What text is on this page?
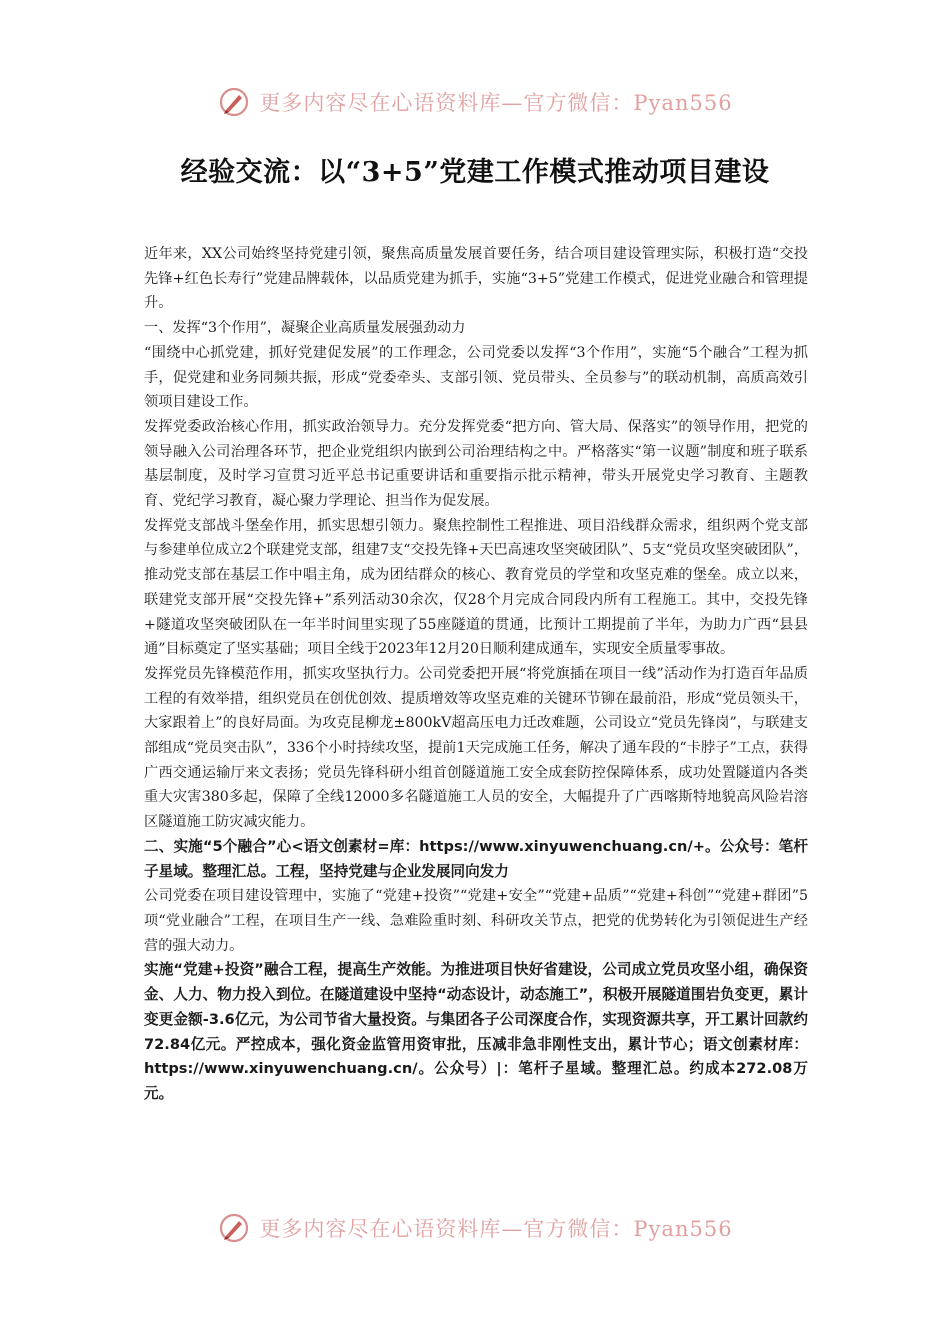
更多内容尽在心语资料库—官方微信：Pyan556
经验交流：以“3+5”党建工作模式推动项目建设

近年来，XX公司始终坚持党建引领，聚焦高质量发展首要任务，结合项目建设管理实际，积极打造“交投先锋+红色长寿行”党建品牌载体，以品质党建为抓手，实施“3+5”党建工作模式，促进党业融合和管理提升。

一、发挥“3个作用”，凝聚企业高质量发展强劲动力

“围绕中心抓党建，抓好党建促发展”的工作理念，公司党委以发挥“3个作用”，实施“5个融合”工程为抓手，促党建和业务同频共振，形成“党委牵头、支部引领、党员带头、全员参与”的联动机制，高质高效引领项目建设工作。

发挥党委政治核心作用，抓实政治领导力。充分发挥党委“把方向、管大局、保落实”的领导作用，把党的领导融入公司治理各环节，把企业党组织内嵌到公司治理结构之中。严格落实“第一议题”制度和班子联系基层制度，及时学习宣贯习近平总书记重要讲话和重要指示批示精神，带头开展党史学习教育、主题教育、党纪学习教育，凝心聚力学理论、担当作为促发展。

发挥党支部战斗堡垒作用，抓实思想引领力。聚焦控制性工程推进、项目沿线群众需求，组织两个党支部与参建单位成立2个联建党支部，组建7支“交投先锋+天巴高速攻坚突破团队”、5支“党员攻坚突破团队”，推动党支部在基层工作中唱主角，成为团结群众的核心、教育党员的学堂和攻坚克难的堡垒。成立以来，联建党支部开展“交投先锋+”系列活动30余次，仅28个月完成合同段内所有工程施工。其中，交投先锋+隧道攻坚突破团队在一年半时间里实现了55座隧道的贯通，比预计工期提前了半年，为助力广西“县县通”目标奠定了坚实基础；项目全线于2023年12月20日顺利建成通车，实现安全质量零事故。

发挥党员先锋模范作用，抓实攻坚执行力。公司党委把开展“将党旗插在项目一线”活动作为打造百年品质工程的有效举措，组织党员在创优创效、提质增效等攻坚克难的关键环节铆在最前沿，形成“党员领头干，大家跟着上”的良好局面。为攻克昆柳龙±800kV超高压电力迁改难题，公司设立“党员先锋岗”，与联建支部组成“党员突击队”，336个小时持续攻坚，提前1天完成施工任务，解决了通车段的“卡脖子”工点，获得广西交通运输厅来文表扬；党员先锋科研小组首创隧道施工安全成套防控保障体系，成功处置隧道内各类重大灾害380多起，保障了全线12000多名隧道施工人员的安全，大幅提升了广西喀斯特地貌高风险岩溶区隧道施工防灾减灾能力。

二、实施“5个融合”心<语文创素材=库：https://www.xinyuwenchuang.cn/+。公众号：笔杆子星域。整理汇总。工程，坚持党建与企业发展同向发力

公司党委在项目建设管理中，实施了“党建+投资”“党建+安全”“党建+品质”“党建+科创”“党建+群团”5项“党业融合”工程，在项目生产一线、急难险重时刻、科研攻关节点，把党的优势转化为引领促进生产经营的强大动力。

实施“党建+投资”融合工程，提高生产效能。为推进项目快好省建设，公司成立党员攻坚小组，确保资金、人力、物力投入到位。在隧道建设中坚持“动态设计，动态施工”，积极开展隧道围岩负变更，累计变更金额-3.6亿元，为公司节省大量投资。与集团各子公司深度合作，实现资源共享，开工累计回款约72.84亿元。严控成本，强化资金监管用资审批，压减非急非刚性支出，累计节心；语文创素材库：https://www.xinyuwenchuang.cn/。公众号）|：笔杆子星域。整理汇总。约成本272.08万元。

更多内容尽在心语资料库—官方微信：Pyan556
